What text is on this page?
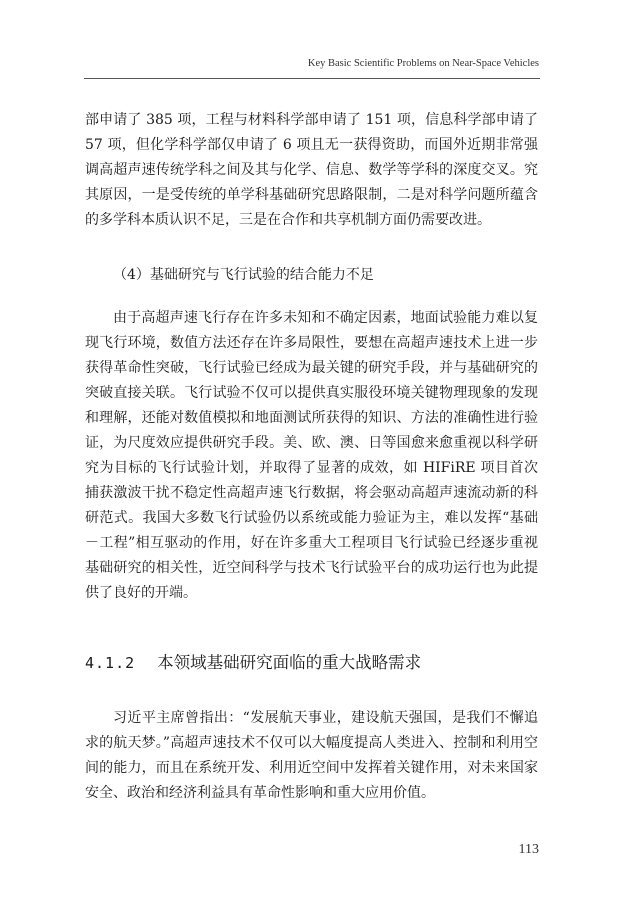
Key Basic Scientific Problems on Near-Space Vehicles

部申请了 385 项，工程与材料科学部申请了 151 项，信息科学部申请了 57 项，但化学科学部仅申请了 6 项且无一获得资助，而国外近期非常强调高超声速传统学科之间及其与化学、信息、数学等学科的深度交叉。究其原因，一是受传统的单学科基础研究思路限制，二是对科学问题所蕴含的多学科本质认识不足，三是在合作和共享机制方面仍需要改进。

（4）基础研究与飞行试验的结合能力不足

由于高超声速飞行存在许多未知和不确定因素，地面试验能力难以复现飞行环境，数值方法还存在许多局限性，要想在高超声速技术上进一步获得革命性突破，飞行试验已经成为最关键的研究手段，并与基础研究的突破直接关联。飞行试验不仅可以提供真实服役环境关键物理现象的发现和理解，还能对数值模拟和地面测试所获得的知识、方法的准确性进行验证，为尺度效应提供研究手段。美、欧、澳、日等国愈来愈重视以科学研究为目标的飞行试验计划，并取得了显著的成效，如 HIFiRE 项目首次捕获激波干扰不稳定性高超声速飞行数据，将会驱动高超声速流动新的科研范式。我国大多数飞行试验仍以系统或能力验证为主，难以发挥“基础－工程”相互驱动的作用，好在许多重大工程项目飞行试验已经逐步重视基础研究的相关性，近空间科学与技术飞行试验平台的成功运行也为此提供了良好的开端。

4.1.2 本领域基础研究面临的重大战略需求

习近平主席曾指出：“发展航天事业，建设航天强国，是我们不懈追求的航天梦。”高超声速技术不仅可以大幅度提高人类进入、控制和利用空间的能力，而且在系统开发、利用近空间中发挥着关键作用，对未来国家安全、政治和经济利益具有革命性影响和重大应用价值。

113
